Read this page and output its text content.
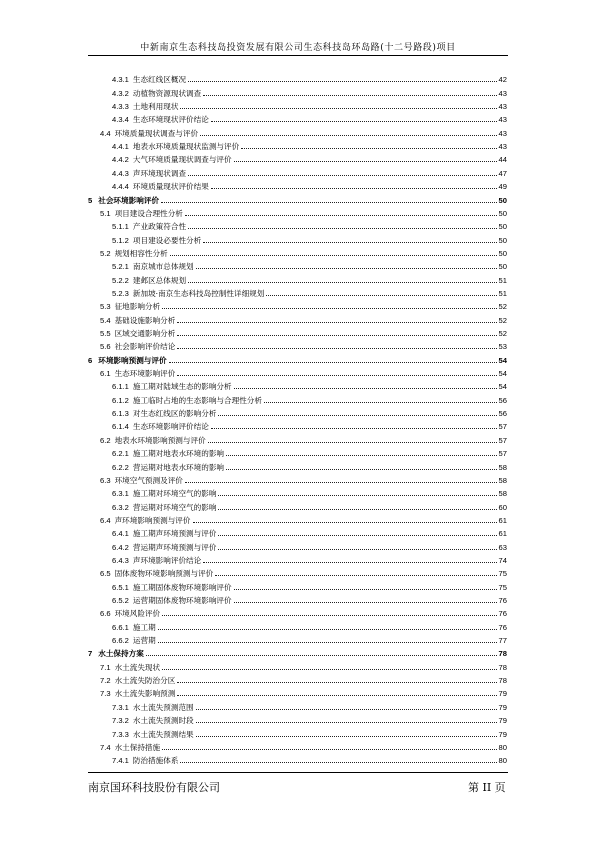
中新南京生态科技岛投资发展有限公司生态科技岛环岛路(十二号路段)项目
4.3.1 生态红线区概况	42
4.3.2 动植物资源现状调查	43
4.3.3 土地利用现状	43
4.3.4 生态环境现状评价结论	43
4.4 环境质量现状调查与评价	43
4.4.1 地表水环境质量现状监测与评价	43
4.4.2 大气环境质量现状调查与评价	44
4.4.3 声环境现状调查	47
4.4.4 环境质量现状评价结果	49
5 社会环境影响评价	50
5.1 项目建设合理性分析	50
5.1.1 产业政策符合性	50
5.1.2 项目建设必要性分析	50
5.2 规划相容性分析	50
5.2.1 南京城市总体规划	50
5.2.2 建邺区总体规划	51
5.2.3 新加坡·南京生态科技岛控制性详细规划	51
5.3 征地影响分析	52
5.4 基础设施影响分析	52
5.5 区域交通影响分析	52
5.6 社会影响评价结论	53
6 环境影响预测与评价	54
6.1 生态环境影响评价	54
6.1.1 施工期对陆域生态的影响分析	54
6.1.2 施工临时占地的生态影响与合理性分析	56
6.1.3 对生态红线区的影响分析	56
6.1.4 生态环境影响评价结论	57
6.2 地表水环境影响预测与评价	57
6.2.1 施工期对地表水环境的影响	57
6.2.2 营运期对地表水环境的影响	58
6.3 环境空气预测及评价	58
6.3.1 施工期对环境空气的影响	58
6.3.2 营运期对环境空气的影响	60
6.4 声环境影响预测与评价	61
6.4.1 施工期声环境预测与评价	61
6.4.2 营运期声环境预测与评价	63
6.4.3 声环境影响评价结论	74
6.5 固体废物环境影响预测与评价	75
6.5.1 施工期固体废物环境影响评价	75
6.5.2 运营期固体废物环境影响评价	76
6.6 环境风险评价	76
6.6.1 施工期	76
6.6.2 运营期	77
7 水土保持方案	78
7.1 水土流失现状	78
7.2 水土流失防治分区	78
7.3 水土流失影响预测	79
7.3.1 水土流失预测范围	79
7.3.2 水土流失预测时段	79
7.3.3 水土流失预测结果	79
7.4 水土保持措施	80
7.4.1 防治措施体系	80
南京国环科技股份有限公司	第 II 页
